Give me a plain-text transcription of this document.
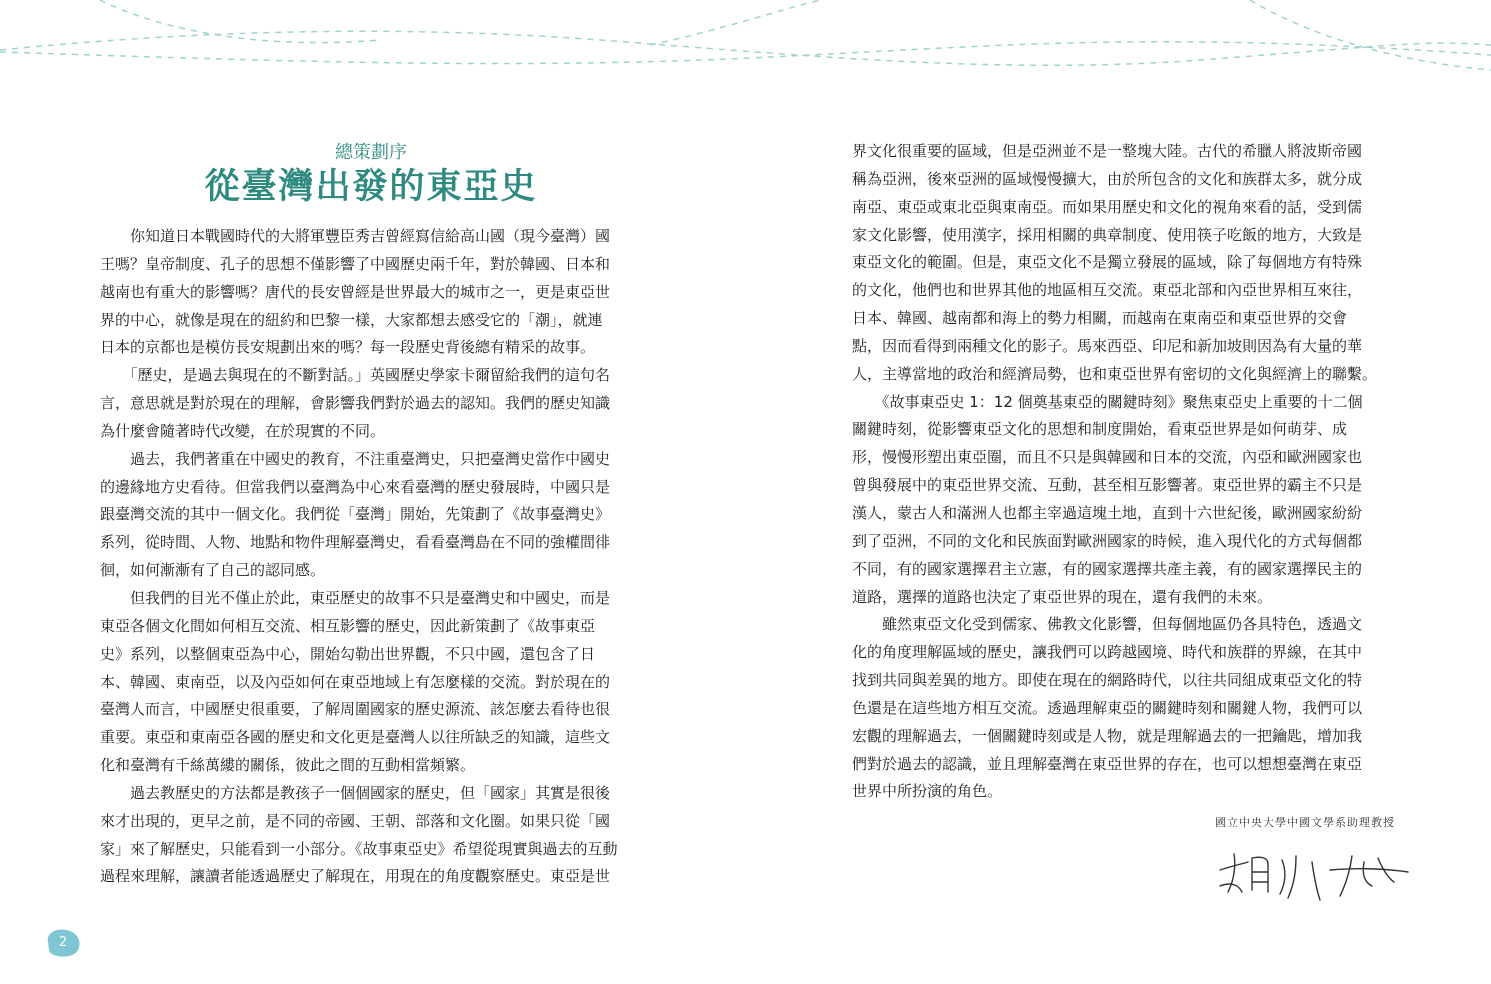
總策劃序
從臺灣出發的東亞史

　　你知道日本戰國時代的大將軍豐臣秀吉曾經寫信給高山國（現今臺灣）國

王嗎？皇帝制度、孔子的思想不僅影響了中國歷史兩千年，對於韓國、日本和

越南也有重大的影響嗎？唐代的長安曾經是世界最大的城市之一，更是東亞世

界的中心，就像是現在的紐約和巴黎一樣，大家都想去感受它的「潮」，就連

日本的京都也是模仿長安規劃出來的嗎？每一段歷史背後總有精采的故事。

　　「歷史，是過去與現在的不斷對話。」英國歷史學家卡爾留給我們的這句名

言，意思就是對於現在的理解，會影響我們對於過去的認知。我們的歷史知識

為什麼會隨著時代改變，在於現實的不同。

　　過去，我們著重在中國史的教育，不注重臺灣史，只把臺灣史當作中國史

的邊緣地方史看待。但當我們以臺灣為中心來看臺灣的歷史發展時，中國只是

跟臺灣交流的其中一個文化。我們從「臺灣」開始，先策劃了《故事臺灣史》

系列，從時間、人物、地點和物件理解臺灣史，看看臺灣島在不同的強權間徘

徊，如何漸漸有了自己的認同感。

　　但我們的目光不僅止於此，東亞歷史的故事不只是臺灣史和中國史，而是

東亞各個文化間如何相互交流、相互影響的歷史，因此新策劃了《故事東亞

史》系列，以整個東亞為中心，開始勾勒出世界觀，不只中國，還包含了日

本、韓國、東南亞，以及內亞如何在東亞地域上有怎麼樣的交流。對於現在的

臺灣人而言，中國歷史很重要，了解周圍國家的歷史源流、該怎麼去看待也很

重要。東亞和東南亞各國的歷史和文化更是臺灣人以往所缺乏的知識，這些文

化和臺灣有千絲萬縷的關係，彼此之間的互動相當頻繁。

　　過去教歷史的方法都是教孩子一個個國家的歷史，但「國家」其實是很後

來才出現的，更早之前，是不同的帝國、王朝、部落和文化圈。如果只從「國

家」來了解歷史，只能看到一小部分。《故事東亞史》希望從現實與過去的互動

過程來理解，讓讀者能透過歷史了解現在，用現在的角度觀察歷史。東亞是世

界文化很重要的區域，但是亞洲並不是一整塊大陸。古代的希臘人將波斯帝國

稱為亞洲，後來亞洲的區域慢慢擴大，由於所包含的文化和族群太多，就分成

南亞、東亞或東北亞與東南亞。而如果用歷史和文化的視角來看的話，受到儒

家文化影響，使用漢字，採用相關的典章制度、使用筷子吃飯的地方，大致是

東亞文化的範圍。但是，東亞文化不是獨立發展的區域，除了每個地方有特殊

的文化，他們也和世界其他的地區相互交流。東亞北部和內亞世界相互來往，

日本、韓國、越南都和海上的勢力相關，而越南在東南亞和東亞世界的交會

點，因而看得到兩種文化的影子。馬來西亞、印尼和新加坡則因為有大量的華

人，主導當地的政治和經濟局勢，也和東亞世界有密切的文化與經濟上的聯繫。

　　《故事東亞史 1：12 個奠基東亞的關鍵時刻》聚焦東亞史上重要的十二個

關鍵時刻，從影響東亞文化的思想和制度開始，看東亞世界是如何萌芽、成

形，慢慢形塑出東亞圈，而且不只是與韓國和日本的交流，內亞和歐洲國家也

曾與發展中的東亞世界交流、互動，甚至相互影響著。東亞世界的霸主不只是

漢人，蒙古人和滿洲人也都主宰過這塊土地，直到十六世紀後，歐洲國家紛紛

到了亞洲，不同的文化和民族面對歐洲國家的時候，進入現代化的方式每個都

不同，有的國家選擇君主立憲，有的國家選擇共產主義，有的國家選擇民主的

道路，選擇的道路也決定了東亞世界的現在，還有我們的未來。

　　雖然東亞文化受到儒家、佛教文化影響，但每個地區仍各具特色，透過文

化的角度理解區域的歷史，讓我們可以跨越國境、時代和族群的界線，在其中

找到共同與差異的地方。即使在現在的網路時代，以往共同組成東亞文化的特

色還是在這些地方相互交流。透過理解東亞的關鍵時刻和關鍵人物，我們可以

宏觀的理解過去，一個關鍵時刻或是人物，就是理解過去的一把鑰匙，增加我

們對於過去的認識，並且理解臺灣在東亞世界的存在，也可以想想臺灣在東亞

世界中所扮演的角色。

國立中央大學中國文學系助理教授
2
